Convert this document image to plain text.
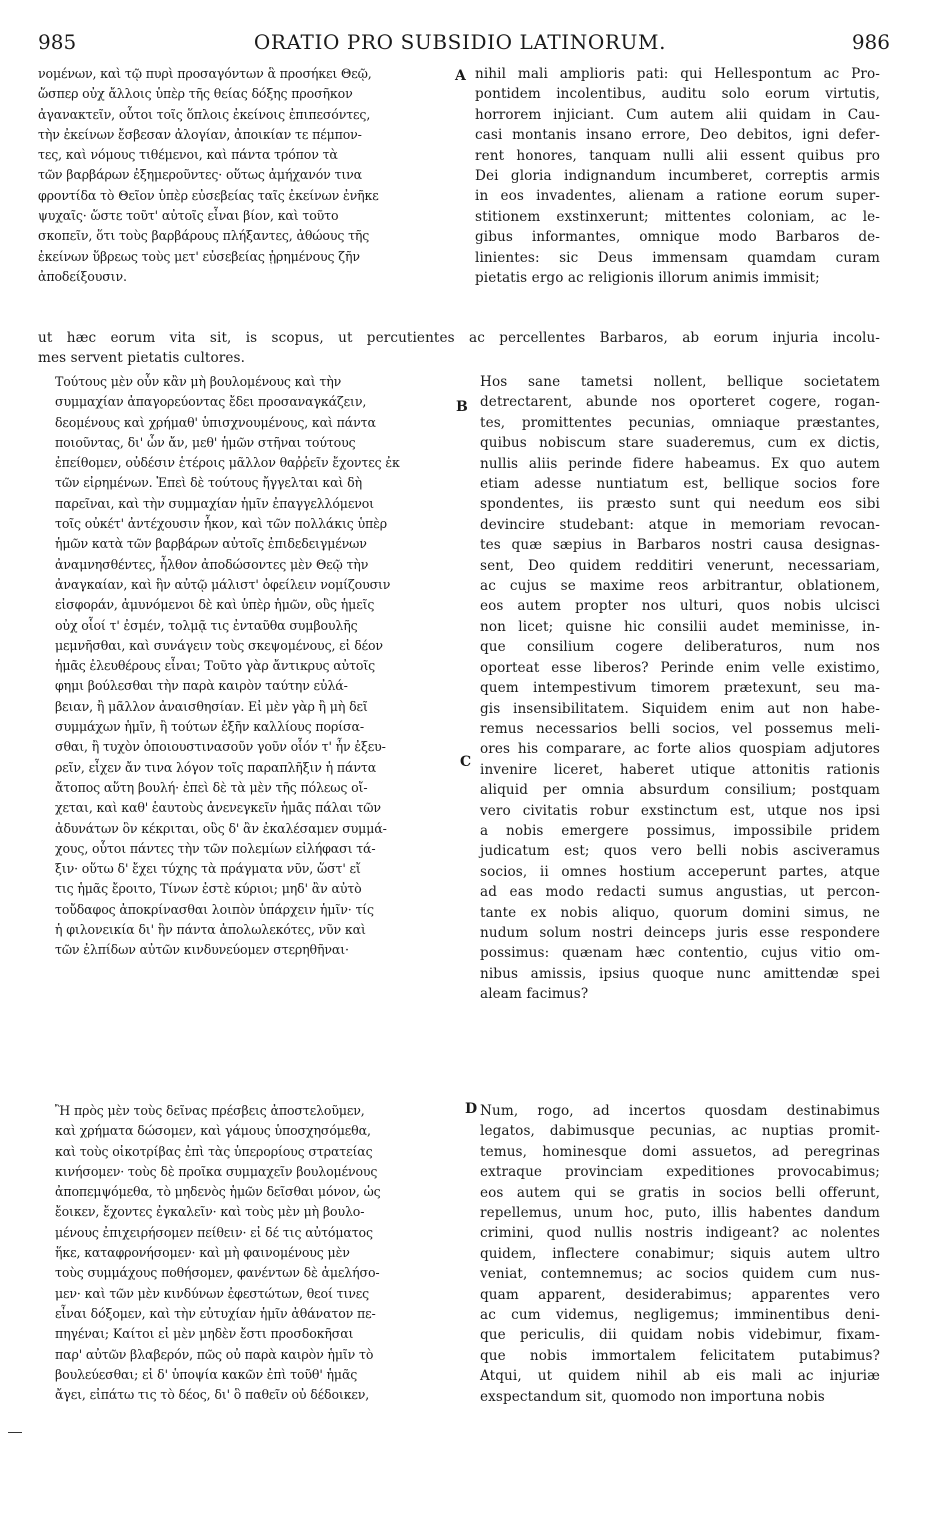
985	ORATIO PRO SUBSIDIO LATINORUM.	986
A
B
C
D
νομένων, καὶ τῷ πυρὶ προσαγόντων ἃ προσήκει Θεῷ,
ὥσπερ οὐχ ἄλλοις ὑπὲρ τῆς θείας δόξης προσῆκον
ἀγανακτεῖν, οὗτοι τοῖς ὅπλοις ἐκείνοις ἐπιπεσόντες,
τὴν ἐκείνων ἔσβεσαν ἀλογίαν, ἀποικίαν τε πέμπον-
τες, καὶ νόμους τιθέμενοι, καὶ πάντα τρόπον τὰ
τῶν βαρβάρων ἐξημεροῦντες· οὕτως ἀμήχανόν τινα
φροντίδα τὸ Θεῖον ὑπὲρ εὐσεβείας ταῖς ἐκείνων ἐνῆκε
ψυχαῖς· ὥστε τοῦτ' αὐτοῖς εἶναι βίον, καὶ τοῦτο
σκοπεῖν, ὅτι τοὺς βαρβάρους πλήξαντες, ἀθώους τῆς
ἐκείνων ὕβρεως τοὺς μετ' εὐσεβείας ᾑρημένους ζῆν
ἀποδείξουσιν.
nihil mali amplioris pati: qui Hellespontum ac Pro-
pontidem incolentibus, auditu solo eorum virtutis,
horrorem injiciant. Cum autem alii quidam in Cau-
casi montanis insano errore, Deo debitos, igni defer-
rent honores, tanquam nulli alii essent quibus pro
Dei gloria indignandum incumberet, correptis armis
in eos invadentes, alienam a ratione eorum super-
stitionem exstinxerunt; mittentes coloniam, ac le-
gibus informantes, omnique modo Barbaros de-
linientes: sic Deus immensam quamdam curam
pietatis ergo ac religionis illorum animis immisit;
ut hæc eorum vita sit, is scopus, ut percutientes ac percellentes Barbaros, ab eorum injuria incolu-
mes servent pietatis cultores.
Τούτους μὲν οὖν κἂν μὴ βουλομένους καὶ τὴν
συμμαχίαν ἀπαγορεύοντας ἔδει προσαναγκάζειν,
δεομένους καὶ χρήμαθ' ὑπισχνουμένους, καὶ πάντα
ποιοῦντας, δι' ὧν ἄν, μεθ' ἡμῶν στῆναι τούτους
ἐπείθομεν, οὐδέσιν ἑτέροις μᾶλλον θαῤῥεῖν ἔχοντες ἐκ
τῶν εἰρημένων. Ἐπεὶ δὲ τούτους ἤγγελται καὶ δὴ
παρεῖναι, καὶ τὴν συμμαχίαν ἡμῖν ἐπαγγελλόμενοι
τοῖς οὐκέτ' ἀντέχουσιν ἧκον, καὶ τῶν πολλάκις ὑπὲρ
ἡμῶν κατὰ τῶν βαρβάρων αὐτοῖς ἐπιδεδειγμένων
ἀναμνησθέντες, ἦλθον ἀποδώσοντες μὲν Θεῷ τὴν
ἀναγκαίαν, καὶ ἣν αὐτῷ μάλιστ' ὀφείλειν νομίζουσιν
εἰσφοράν, ἀμυνόμενοι δὲ καὶ ὑπὲρ ἡμῶν, οὓς ἡμεῖς
οὐχ οἷοί τ' ἐσμέν, τολμᾷ τις ἐνταῦθα συμβουλῆς
μεμνῆσθαι, καὶ συνάγειν τοὺς σκεψομένους, εἰ δέον
ἡμᾶς ἐλευθέρους εἶναι; Τοῦτο γὰρ ἄντικρυς αὐτοῖς
φημι βούλεσθαι τὴν παρὰ καιρὸν ταύτην εὐλά-
βειαν, ἢ μᾶλλον ἀναισθησίαν. Εἰ μὲν γὰρ ἢ μὴ δεῖ
συμμάχων ἡμῖν, ἢ τούτων ἐξῆν καλλίους πορίσα-
σθαι, ἢ τυχὸν ὁποιουστινασοῦν γοῦν οἷόν τ' ἦν ἐξευ-
ρεῖν, εἶχεν ἄν τινα λόγον τοῖς παραπλῆξιν ἡ πάντα
ἄτοπος αὕτη βουλή· ἐπεὶ δὲ τὰ μὲν τῆς πόλεως οἴ-
χεται, καὶ καθ' ἑαυτοὺς ἀνενεγκεῖν ἡμᾶς πάλαι τῶν
ἀδυνάτων ὃν κέκριται, οὓς δ' ἂν ἐκαλέσαμεν συμμά-
χους, οὗτοι πάντες τὴν τῶν πολεμίων εἰλήφασι τά-
ξιν· οὕτω δ' ἔχει τύχης τὰ πράγματα νῦν, ὥστ' εἴ
τις ἡμᾶς ἔροιτο, Τίνων ἐστὲ κύριοι; μηδ' ἂν αὐτὸ
τοὔδαφος ἀποκρίνασθαι λοιπὸν ὑπάρχειν ἡμῖν· τίς
ἡ φιλονεικία δι' ἣν πάντα ἀπολωλεκότες, νῦν καὶ
τῶν ἐλπίδων αὐτῶν κινδυνεύομεν στερηθῆναι·
Hos sane tametsi nollent, bellique societatem
detrectarent, abunde nos oporteret cogere, rogan-
tes, promittentes pecunias, omniaque præstantes,
quibus nobiscum stare suaderemus, cum ex dictis,
nullis aliis perinde fidere habeamus. Ex quo autem
etiam adesse nuntiatum est, bellique socios fore
spondentes, iis præsto sunt qui needum eos sibi
devincire studebant: atque in memoriam revocan-
tes quæ sæpius in Barbaros nostri causa designas-
sent, Deo quidem redditiri venerunt, necessariam,
ac cujus se maxime reos arbitrantur, oblationem,
eos autem propter nos ulturi, quos nobis ulcisci
non licet; quisne hic consilii audet meminisse, in-
que consilium cogere deliberaturos, num nos
oporteat esse liberos? Perinde enim velle existimo,
quem intempestivum timorem prætexunt, seu ma-
gis insensibilitatem. Siquidem enim aut non habe-
remus necessarios belli socios, vel possemus meli-
ores his comparare, ac forte alios quospiam adjutores
invenire liceret, haberet utique attonitis rationis
aliquid per omnia absurdum consilium; postquam
vero civitatis robur exstinctum est, utque nos ipsi
a nobis emergere possimus, impossibile pridem
judicatum est; quos vero belli nobis asciveramus
socios, ii omnes hostium acceperunt partes, atque
ad eas modo redacti sumus angustias, ut percon-
tante ex nobis aliquo, quorum domini simus, ne
nudum solum nostri deinceps juris esse respondere
possimus: quænam hæc contentio, cujus vitio om-
nibus amissis, ipsius quoque nunc amittendæ spei
aleam facimus?
Ἢ πρὸς μὲν τοὺς δεῖνας πρέσβεις ἀποστελοῦμεν,
καὶ χρήματα δώσομεν, καὶ γάμους ὑποσχησόμεθα,
καὶ τοὺς οἰκοτρίβας ἐπὶ τὰς ὑπερορίους στρατείας
κινήσομεν· τοὺς δὲ προῖκα συμμαχεῖν βουλομένους
ἀποπεμψόμεθα, τὸ μηδενὸς ἡμῶν δεῖσθαι μόνον, ὡς
ἔοικεν, ἔχοντες ἐγκαλεῖν· καὶ τοὺς μὲν μὴ βουλο-
μένους ἐπιχειρήσομεν πείθειν· εἰ δέ τις αὐτόματος
ἥκε, καταφρονήσομεν· καὶ μὴ φαινομένους μὲν
τοὺς συμμάχους ποθήσομεν, φανέντων δὲ ἀμελήσο-
μεν· καὶ τῶν μὲν κινδύνων ἐφεστώτων, θεοί τινες
εἶναι δόξομεν, καὶ τὴν εὐτυχίαν ἡμῖν ἀθάνατον πε-
πηγέναι; Καίτοι εἰ μὲν μηδὲν ἔστι προσδοκῆσαι
παρ' αὐτῶν βλαβερόν, πῶς οὐ παρὰ καιρὸν ἡμῖν τὸ
βουλεύεσθαι; εἰ δ' ὑποψία κακῶν ἐπὶ τοῦθ' ἡμᾶς
ἄγει, εἰπάτω τις τὸ δέος, δι' ὃ παθεῖν οὐ δέδοικεν,
Num, rogo, ad incertos quosdam destinabimus
legatos, dabimusque pecunias, ac nuptias promit-
temus, hominesque domi assuetos, ad peregrinas
extraque provinciam expeditiones provocabimus;
eos autem qui se gratis in socios belli offerunt,
repellemus, unum hoc, puto, illis habentes dandum
crimini, quod nullis nostris indigeant? ac nolentes
quidem, inflectere conabimur; siquis autem ultro
veniat, contemnemus; ac socios quidem cum nus-
quam apparent, desiderabimus; apparentes vero
ac cum videmus, negligemus; imminentibus deni-
que periculis, dii quidam nobis videbimur, fixam-
que nobis immortalem felicitatem putabimus?
Atqui, ut quidem nihil ab eis mali ac injuriæ
exspectandum sit, quomodo non importuna nobis
